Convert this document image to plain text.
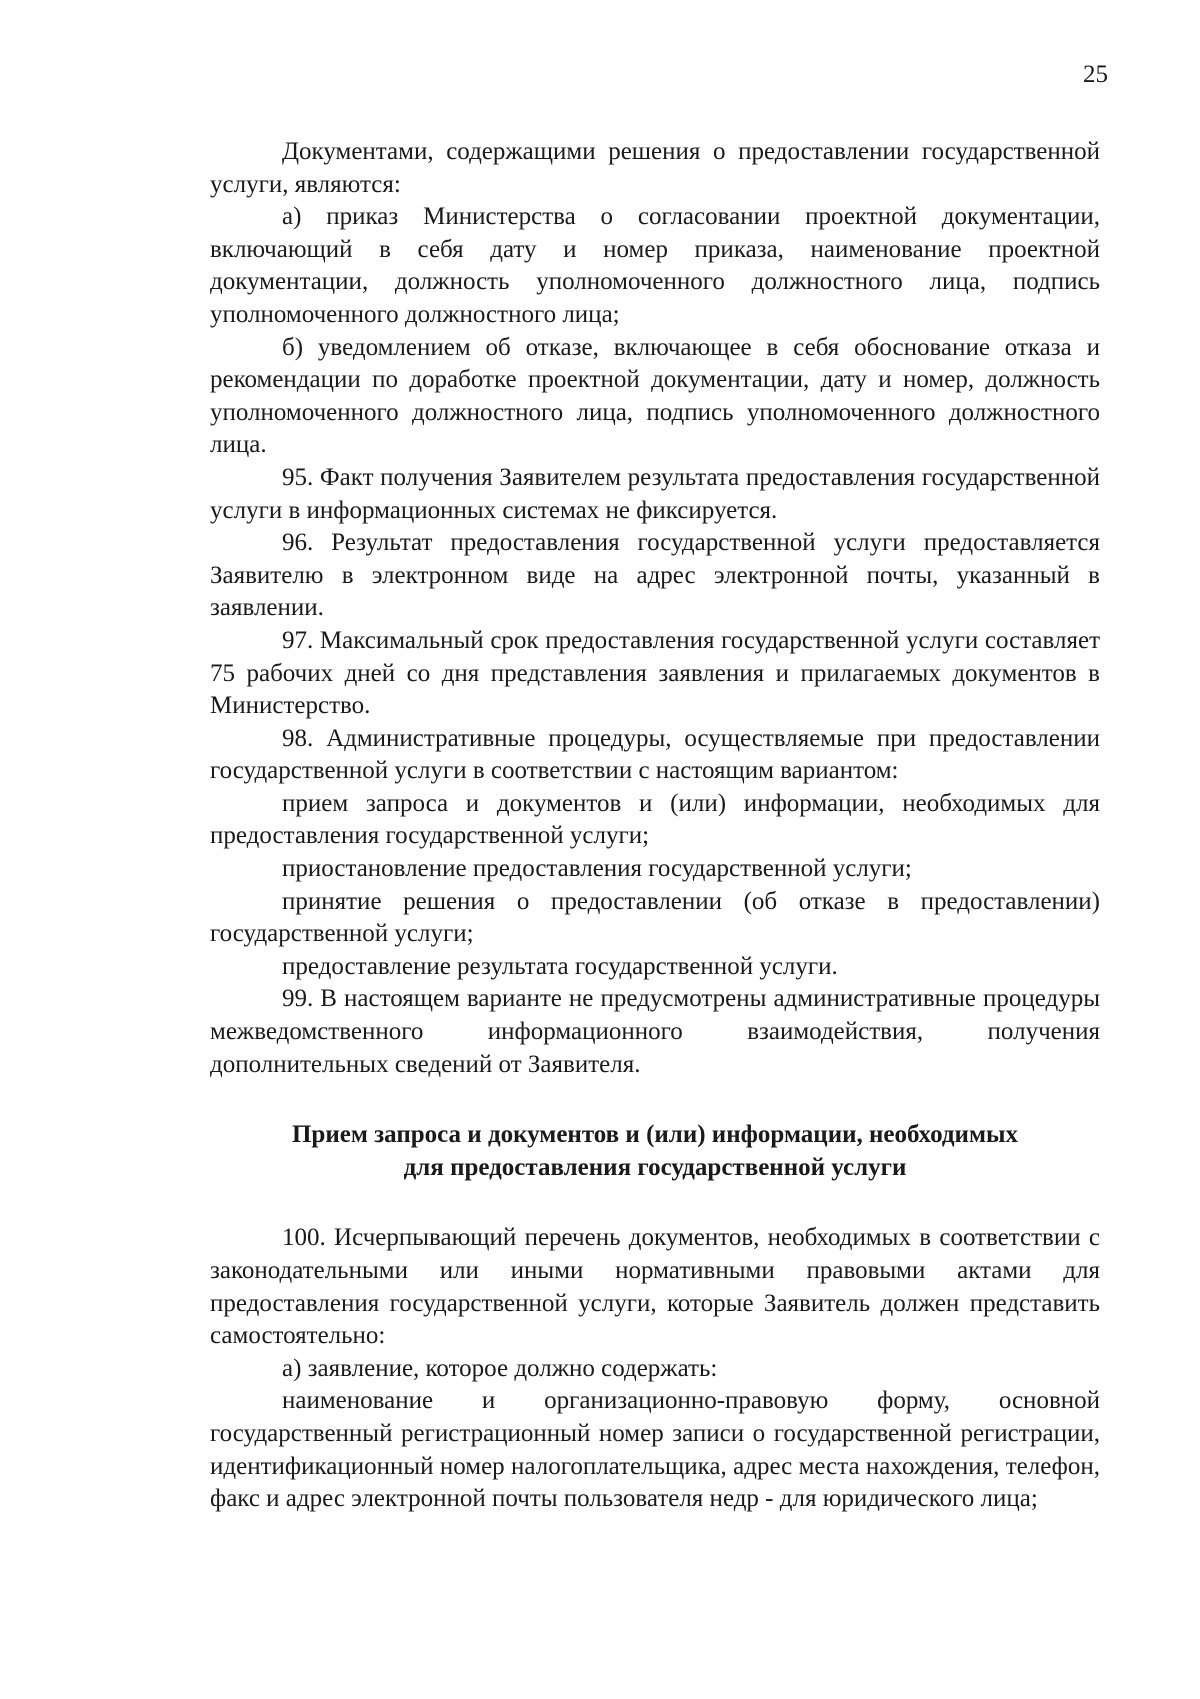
25

Документами, содержащими решения о предоставлении государственной услуги, являются:

а) приказ Министерства о согласовании проектной документации, включающий в себя дату и номер приказа, наименование проектной документации, должность уполномоченного должностного лица, подпись уполномоченного должностного лица;

б) уведомлением об отказе, включающее в себя обоснование отказа и рекомендации по доработке проектной документации, дату и номер, должность уполномоченного должностного лица, подпись уполномоченного должностного лица.

95. Факт получения Заявителем результата предоставления государственной услуги в информационных системах не фиксируется.

96. Результат предоставления государственной услуги предоставляется Заявителю в электронном виде на адрес электронной почты, указанный в заявлении.

97. Максимальный срок предоставления государственной услуги составляет 75 рабочих дней со дня представления заявления и прилагаемых документов в Министерство.

98. Административные процедуры, осуществляемые при предоставлении государственной услуги в соответствии с настоящим вариантом:

прием запроса и документов и (или) информации, необходимых для предоставления государственной услуги;

приостановление предоставления государственной услуги;

принятие решения о предоставлении (об отказе в предоставлении) государственной услуги;

предоставление результата государственной услуги.

99. В настоящем варианте не предусмотрены административные процедуры межведомственного информационного взаимодействия, получения дополнительных сведений от Заявителя.

Прием запроса и документов и (или) информации, необходимых
для предоставления государственной услуги

100. Исчерпывающий перечень документов, необходимых в соответствии с законодательными или иными нормативными правовыми актами для предоставления государственной услуги, которые Заявитель должен представить самостоятельно:

а) заявление, которое должно содержать:

наименование и организационно-правовую форму, основной государственный регистрационный номер записи о государственной регистрации, идентификационный номер налогоплательщика, адрес места нахождения, телефон, факс и адрес электронной почты пользователя недр - для юридического лица;
